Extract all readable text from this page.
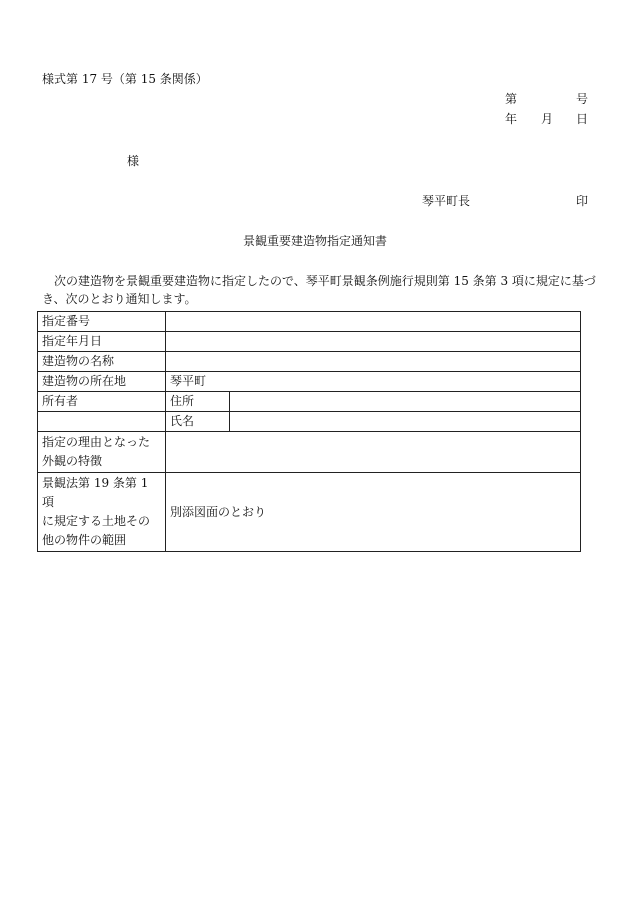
様式第 17 号（第 15 条関係）
第	号
年 月 日
様
琴平町長	印
景観重要建造物指定通知書
次の建造物を景観重要建造物に指定したので、琴平町景観条例施行規則第 15 条第 3 項に規定に基づ
き、次のとおり通知します。
指定番号		
指定年月日		
建造物の名称		
建造物の所在地	琴平町	
所有者	住所	
	氏名	

指定の理由となった
外観の特徴		

景観法第 19 条第 1 項
に規定する土地その
他の物件の範囲	別添図面のとおり	
